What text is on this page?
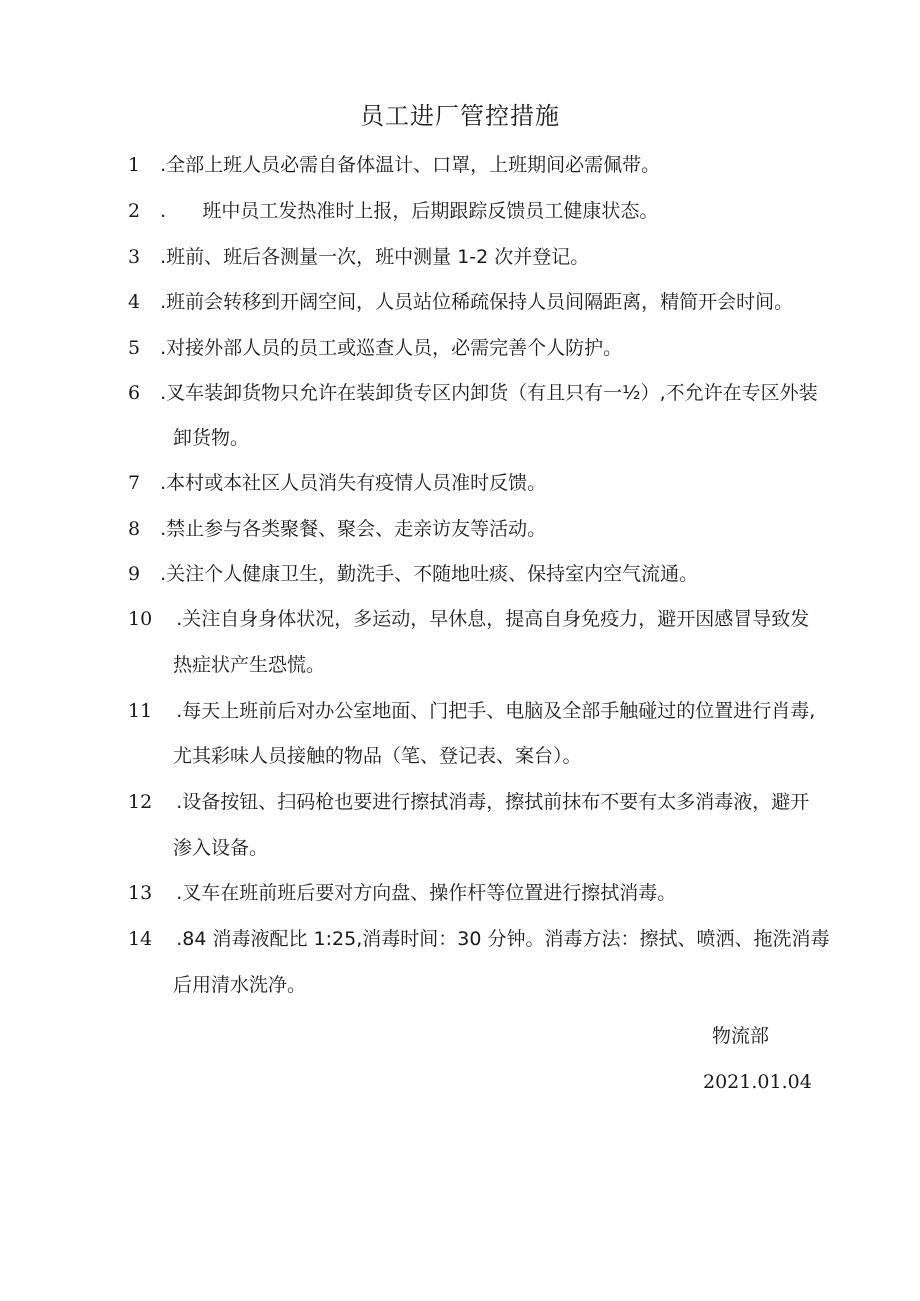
员工进厂管控措施
1 .全部上班人员必需自备体温计、口罩，上班期间必需佩带。
2 .      班中员工发热准时上报，后期跟踪反馈员工健康状态。
3 .班前、班后各测量一次，班中测量 1-2 次并登记。
4 .班前会转移到开阔空间，人员站位稀疏保持人员间隔距离，精简开会时间。
5 .对接外部人员的员工或巡查人员，必需完善个人防护。
6 .叉车装卸货物只允许在装卸货专区内卸货（有且只有一½）,不允许在专区外装
卸货物。
7 .本村或本社区人员消失有疫情人员准时反馈。
8 .禁止参与各类聚餐、聚会、走亲访友等活动。
9 .关注个人健康卫生，勤洗手、不随地吐痰、保持室内空气流通。
10 .关注自身身体状况，多运动，早休息，提高自身免疫力，避开因感冒导致发
热症状产生恐慌。
11 .每天上班前后对办公室地面、门把手、电脑及全部手触碰过的位置进行肖毒,
尤其彩味人员接触的物品（笔、登记表、案台）。
12 .设备按钮、扫码枪也要进行擦拭消毒，擦拭前抹布不要有太多消毒液，避开
渗入设备。
13 .叉车在班前班后要对方向盘、操作杆等位置进行擦拭消毒。
14 .84 消毒液配比 1:25,消毒时间：30 分钟。消毒方法：擦拭、喷洒、拖洗消毒
后用清水洗净。
物流部
2021.01.04
